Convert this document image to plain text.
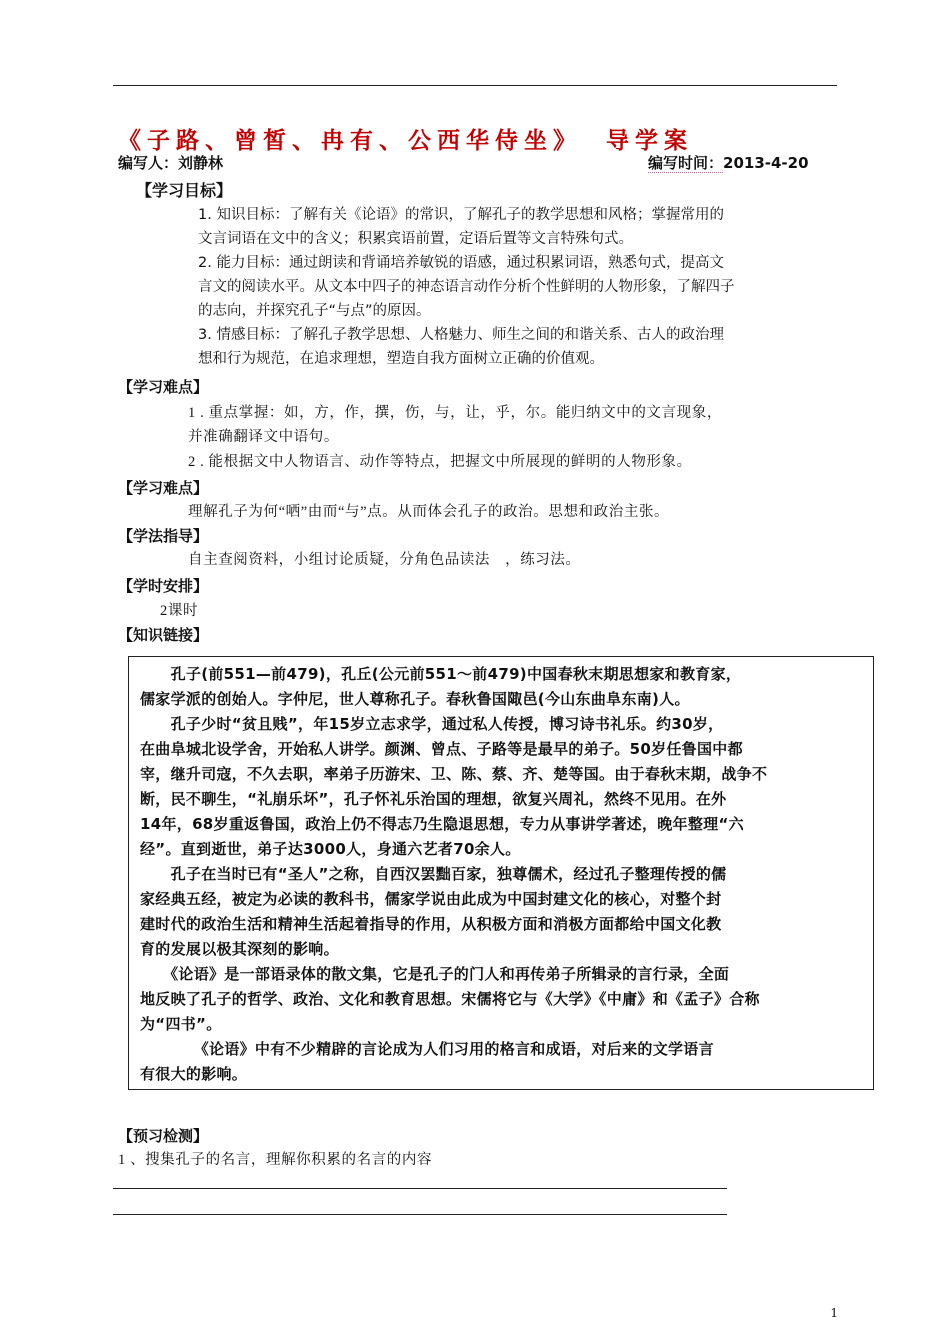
《子路、曾皙、冉有、公西华侍坐》 导学案
编写人：刘静林	编写时间：2013-4-20
【学习目标】
1. 知识目标：了解有关《论语》的常识，了解孔子的教学思想和风格；掌握常用的
文言词语在文中的含义；积累宾语前置，定语后置等文言特殊句式。
2. 能力目标：通过朗读和背诵培养敏锐的语感，通过积累词语，熟悉句式，提高文
言文的阅读水平。从文本中四子的神态语言动作分析个性鲜明的人物形象，了解四子
的志向，并探究孔子“与点”的原因。
3. 情感目标：了解孔子教学思想、人格魅力、师生之间的和谐关系、古人的政治理
想和行为规范，在追求理想，塑造自我方面树立正确的价值观。
【学习难点】
1 . 重点掌握：如，方，作，撰，伤，与，让，乎，尔。能归纳文中的文言现象，
并准确翻译文中语句。
2 . 能根据文中人物语言、动作等特点，把握文中所展现的鲜明的人物形象。
【学习难点】
理解孔子为何“哂”由而“与”点。从而体会孔子的政治。思想和政治主张。
【学法指导】
自主查阅资料，小组讨论质疑，分角色品读法　，练习法。
【学时安排】
2课时
【知识链接】
　　孔子(前551—前479)，孔丘(公元前551～前479)中国春秋末期思想家和教育家，
儒家学派的创始人。字仲尼，世人尊称孔子。春秋鲁国陬邑(今山东曲阜东南)人。
　　孔子少时“贫且贱”，年15岁立志求学，通过私人传授，博习诗书礼乐。约30岁，
在曲阜城北设学舍，开始私人讲学。颜渊、曾点、子路等是最早的弟子。50岁任鲁国中都
宰，继升司寇，不久去职，率弟子历游宋、卫、陈、蔡、齐、楚等国。由于春秋末期，战争不
断，民不聊生，“礼崩乐坏”，孔子怀礼乐治国的理想，欲复兴周礼，然终不见用。在外
14年，68岁重返鲁国，政治上仍不得志乃生隐退思想，专力从事讲学著述，晚年整理“六
经”。直到逝世，弟子达3000人，身通六艺者70余人。
　　孔子在当时已有“圣人”之称，自西汉罢黜百家，独尊儒术，经过孔子整理传授的儒
家经典五经，被定为必读的教科书，儒家学说由此成为中国封建文化的核心，对整个封
建时代的政治生活和精神生活起着指导的作用，从积极方面和消极方面都给中国文化教
育的发展以极其深刻的影响。
　　《论语》是一部语录体的散文集，它是孔子的门人和再传弟子所辑录的言行录，全面
地反映了孔子的哲学、政治、文化和教育思想。宋儒将它与《大学》《中庸》和《孟子》合称
为“四书”。
　　　　《论语》中有不少精辟的言论成为人们习用的格言和成语，对后来的文学语言
有很大的影响。
【预习检测】
1 、搜集孔子的名言，理解你积累的名言的内容
1
